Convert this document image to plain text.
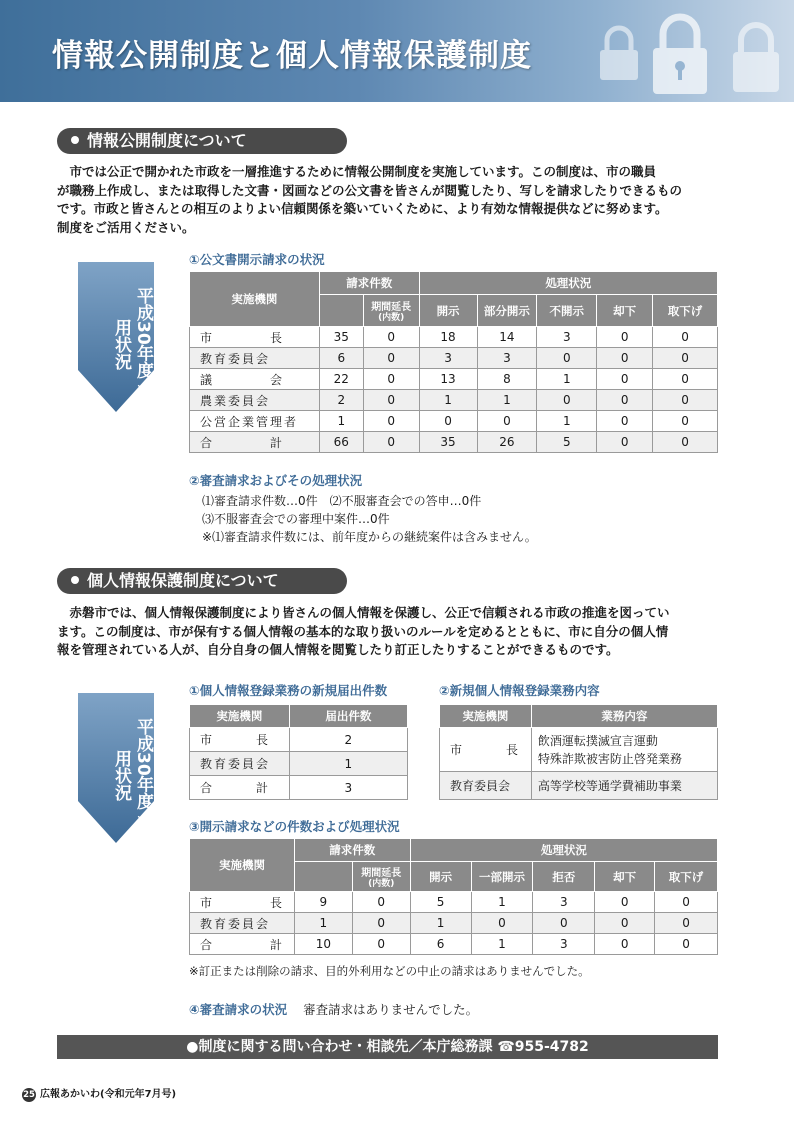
情報公開制度と個人情報保護制度
情報公開制度について
　市では公正で開かれた市政を一層推進するために情報公開制度を実施しています。この制度は、市の職員
が職務上作成し、または取得した文書・図画などの公文書を皆さんが閲覧したり、写しを請求したりできるもの
です。市政と皆さんとの相互のよりよい信頼関係を築いていくために、より有効な情報提供などに努めます。
制度をご活用ください。
平成30年度 運用状況
①公文書開示請求の状況
実施機関	請求件数		処理状況				
		期間延長
(内数)	開示	部分開示	不開示	却下	取下げ
市　　　　長	35	0	18	14	3	0	0
教育委員会	6	0	3	3	0	0	0
議　　　　会	22	0	13	8	1	0	0
農業委員会	2	0	1	1	0	0	0
公営企業管理者	1	0	0	0	1	0	0
合　　　　計	66	0	35	26	5	0	0
②審査請求およびその処理状況
⑴審査請求件数…0件　⑵不服審査会での答申…0件
⑶不服審査会での審理中案件…0件
※⑴審査請求件数には、前年度からの継続案件は含みません。
個人情報保護制度について
　赤磐市では、個人情報保護制度により皆さんの個人情報を保護し、公正で信頼される市政の推進を図ってい
ます。この制度は、市が保有する個人情報の基本的な取り扱いのルールを定めるとともに、市に自分の個人情
報を管理されている人が、自分自身の個人情報を閲覧したり訂正したりすることができるものです。
平成30年度 運用状況
①個人情報登録業務の新規届出件数
実施機関	届出件数
市　　　長	2
教育委員会	1
合　　　計	3
②新規個人情報登録業務内容
実施機関	業務内容
市　　　長	飲酒運転撲滅宣言運動
特殊詐欺被害防止啓発業務

教育委員会	高等学校等通学費補助事業
③開示請求などの件数および処理状況
実施機関	請求件数		処理状況				
		期間延長
(内数)	開示	一部開示	拒否	却下	取下げ
市　　　　長	9	0	5	1	3	0	0
教育委員会	1	0	1	0	0	0	0
合　　　　計	10	0	6	1	3	0	0
※訂正または削除の請求、目的外利用などの中止の請求はありませんでした。
④審査請求の状況 審査請求はありませんでした。
●制度に関する問い合わせ・相談先／本庁総務課 ☎955-4782
25 広報あかいわ(令和元年7月号)
